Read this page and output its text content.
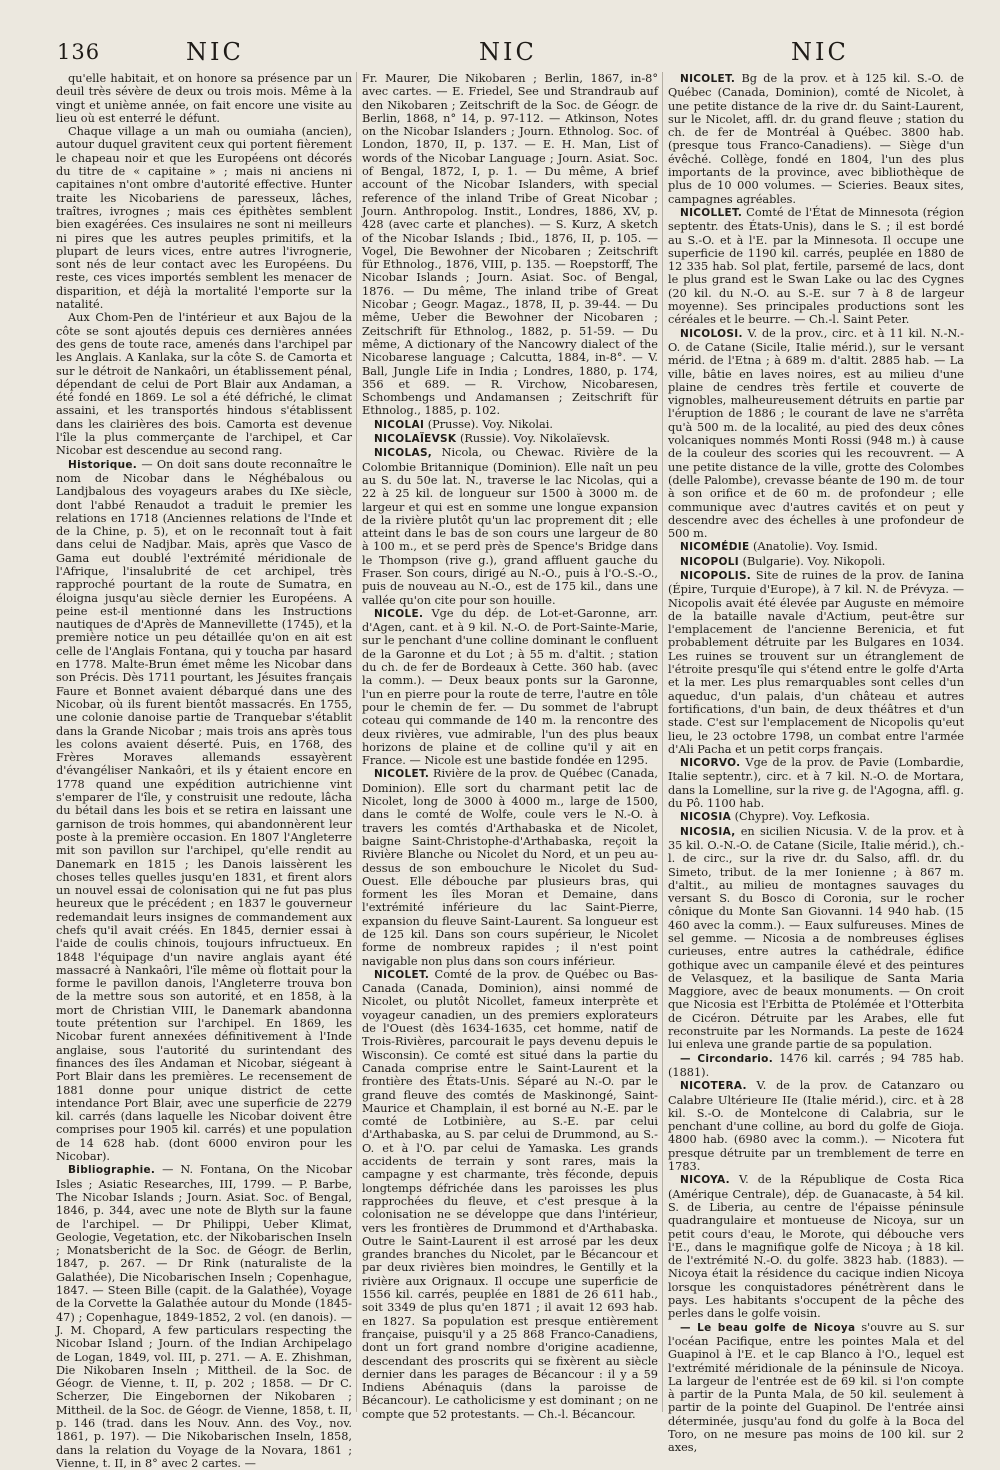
136	NIC	NIC	NIC

qu'elle habitait, et on honore sa présence par un deuil très sévère de deux ou trois mois. Même à la vingt et unième année, on fait encore une visite au lieu où est enterré le défunt.

Chaque village a un mah ou oumiaha (ancien), autour duquel gravitent ceux qui portent fièrement le chapeau noir et que les Européens ont décorés du titre de « capitaine » ; mais ni anciens ni capitaines n'ont ombre d'autorité effective. Hunter traite les Nicobariens de paresseux, lâches, traîtres, ivrognes ; mais ces épithètes semblent bien exagérées. Ces insulaires ne sont ni meilleurs ni pires que les autres peuples primitifs, et la plupart de leurs vices, entre autres l'ivrognerie, sont nés de leur contact avec les Européens. Du reste, ces vices importés semblent les menacer de disparition, et déjà la mortalité l'emporte sur la natalité.

Aux Chom-Pen de l'intérieur et aux Bajou de la côte se sont ajoutés depuis ces dernières années des gens de toute race, amenés dans l'archipel par les Anglais. A Kanlaka, sur la côte S. de Camorta et sur le détroit de Nankaôri, un établissement pénal, dépendant de celui de Port Blair aux Andaman, a été fondé en 1869. Le sol a été défriché, le climat assaini, et les transportés hindous s'établissent dans les clairières des bois. Camorta est devenue l'île la plus commerçante de l'archipel, et Car Nicobar est descendue au second rang.

Historique. — On doit sans doute reconnaître le nom de Nicobar dans le Néghébalous ou Landjbalous des voyageurs arabes du IXe siècle, dont l'abbé Renaudot a traduit le premier les relations en 1718 (Anciennes relations de l'Inde et de la Chine, p. 5), et on le reconnaît tout à fait dans celui de Nadjbar. Mais, après que Vasco de Gama eut doublé l'extrémité méridionale de l'Afrique, l'insalubrité de cet archipel, très rapproché pourtant de la route de Sumatra, en éloigna jusqu'au siècle dernier les Européens. A peine est-il mentionné dans les Instructions nautiques de d'Après de Mannevillette (1745), et la première notice un peu détaillée qu'on en ait est celle de l'Anglais Fontana, qui y toucha par hasard en 1778. Malte-Brun émet même les Nicobar dans son Précis. Dès 1711 pourtant, les Jésuites français Faure et Bonnet avaient débarqué dans une des Nicobar, où ils furent bientôt massacrés. En 1755, une colonie danoise partie de Tranquebar s'établit dans la Grande Nicobar ; mais trois ans après tous les colons avaient déserté. Puis, en 1768, des Frères Moraves allemands essayèrent d'évangéliser Nankaôri, et ils y étaient encore en 1778 quand une expédition autrichienne vint s'emparer de l'île, y construisit une redoute, lâcha du bétail dans les bois et se retira en laissant une garnison de trois hommes, qui abandonnèrent leur poste à la première occasion. En 1807 l'Angleterre mit son pavillon sur l'archipel, qu'elle rendit au Danemark en 1815 ; les Danois laissèrent les choses telles quelles jusqu'en 1831, et firent alors un nouvel essai de colonisation qui ne fut pas plus heureux que le précédent ; en 1837 le gouverneur redemandait leurs insignes de commandement aux chefs qu'il avait créés. En 1845, dernier essai à l'aide de coulis chinois, toujours infructueux. En 1848 l'équipage d'un navire anglais ayant été massacré à Nankaôri, l'île même où flottait pour la forme le pavillon danois, l'Angleterre trouva bon de la mettre sous son autorité, et en 1858, à la mort de Christian VIII, le Danemark abandonna toute prétention sur l'archipel. En 1869, les Nicobar furent annexées définitivement à l'Inde anglaise, sous l'autorité du surintendant des finances des îles Andaman et Nicobar, siégeant à Port Blair dans les premières. Le recensement de 1881 donne pour unique district de cette intendance Port Blair, avec une superficie de 2279 kil. carrés (dans laquelle les Nicobar doivent être comprises pour 1905 kil. carrés) et une population de 14 628 hab. (dont 6000 environ pour les Nicobar).

Bibliographie. — N. Fontana, On the Nicobar Isles ; Asiatic Researches, III, 1799. — P. Barbe, The Nicobar Islands ; Journ. Asiat. Soc. of Bengal, 1846, p. 344, avec une note de Blyth sur la faune de l'archipel. — Dr Philippi, Ueber Klimat, Geologie, Vegetation, etc. der Nikobarischen Inseln ; Monatsbericht de la Soc. de Géogr. de Berlin, 1847, p. 267. — Dr Rink (naturaliste de la Galathée), Die Nicobarischen Inseln ; Copenhague, 1847. — Steen Bille (capit. de la Galathée), Voyage de la Corvette la Galathée autour du Monde (1845-47) ; Copenhague, 1849-1852, 2 vol. (en danois). — J. M. Chopard, A few particulars respecting the Nicobar Island ; Journ. of the Indian Archipelago de Logan, 1849, vol. III, p. 271. — A. E. Zhishman, Die Nikobaren Inseln ; Mittheil. de la Soc. de Géogr. de Vienne, t. II, p. 202 ; 1858. — Dr C. Scherzer, Die Eingebornen der Nikobaren ; Mittheil. de la Soc. de Géogr. de Vienne, 1858, t. II, p. 146 (trad. dans les Nouv. Ann. des Voy., nov. 1861, p. 197). — Die Nikobarischen Inseln, 1858, dans la relation du Voyage de la Novara, 1861 ; Vienne, t. II, in 8° avec 2 cartes. —

Fr. Maurer, Die Nikobaren ; Berlin, 1867, in-8° avec cartes. — E. Friedel, See und Strandraub auf den Nikobaren ; Zeitschrift de la Soc. de Géogr. de Berlin, 1868, n° 14, p. 97-112. — Atkinson, Notes on the Nicobar Islanders ; Journ. Ethnolog. Soc. of London, 1870, II, p. 137. — E. H. Man, List of words of the Nicobar Language ; Journ. Asiat. Soc. of Bengal, 1872, I, p. 1. — Du même, A brief account of the Nicobar Islanders, with special reference of the inland Tribe of Great Nicobar ; Journ. Anthropolog. Instit., Londres, 1886, XV, p. 428 (avec carte et planches). — S. Kurz, A sketch of the Nicobar Islands ; Ibid., 1876, II, p. 105. — Vogel, Die Bewohner der Nicobaren ; Zeitschrift für Ethnolog., 1876, VIII, p. 135. — Roepstorff, The Nicobar Islands ; Journ. Asiat. Soc. of Bengal, 1876. — Du même, The inland tribe of Great Nicobar ; Geogr. Magaz., 1878, II, p. 39-44. — Du même, Ueber die Bewohner der Nicobaren ; Zeitschrift für Ethnolog., 1882, p. 51-59. — Du même, A dictionary of the Nancowry dialect of the Nicobarese language ; Calcutta, 1884, in-8°. — V. Ball, Jungle Life in India ; Londres, 1880, p. 174, 356 et 689. — R. Virchow, Nicobaresen, Schombengs und Andamansen ; Zeitschrift für Ethnolog., 1885, p. 102.

NICOLAI (Prusse). Voy. Nikolai.

NICOLAÏEVSK (Russie). Voy. Nikolaïevsk.

NICOLAS, Nicola, ou Chewac. Rivière de la Colombie Britannique (Dominion). Elle naît un peu au S. du 50e lat. N., traverse le lac Nicolas, qui a 22 à 25 kil. de longueur sur 1500 à 3000 m. de largeur et qui est en somme une longue expansion de la rivière plutôt qu'un lac proprement dit ; elle atteint dans le bas de son cours une largeur de 80 à 100 m., et se perd près de Spence's Bridge dans le Thompson (rive g.), grand affluent gauche du Fraser. Son cours, dirigé au N.-O., puis à l'O.-S.-O., puis de nouveau au N.-O., est de 175 kil., dans une vallée qu'on cite pour son houille.

NICOLE. Vge du dép. de Lot-et-Garonne, arr. d'Agen, cant. et à 9 kil. N.-O. de Port-Sainte-Marie, sur le penchant d'une colline dominant le confluent de la Garonne et du Lot ; à 55 m. d'altit. ; station du ch. de fer de Bordeaux à Cette. 360 hab. (avec la comm.). — Deux beaux ponts sur la Garonne, l'un en pierre pour la route de terre, l'autre en tôle pour le chemin de fer. — Du sommet de l'abrupt coteau qui commande de 140 m. la rencontre des deux rivières, vue admirable, l'un des plus beaux horizons de plaine et de colline qu'il y ait en France. — Nicole est une bastide fondée en 1295.

NICOLET. Rivière de la prov. de Québec (Canada, Dominion). Elle sort du charmant petit lac de Nicolet, long de 3000 à 4000 m., large de 1500, dans le comté de Wolfe, coule vers le N.-O. à travers les comtés d'Arthabaska et de Nicolet, baigne Saint-Christophe-d'Arthabaska, reçoit la Rivière Blanche ou Nicolet du Nord, et un peu au-dessus de son embouchure le Nicolet du Sud-Ouest. Elle débouche par plusieurs bras, qui forment les îles Moran et Demaine, dans l'extrémité inférieure du lac Saint-Pierre, expansion du fleuve Saint-Laurent. Sa longueur est de 125 kil. Dans son cours supérieur, le Nicolet forme de nombreux rapides ; il n'est point navigable non plus dans son cours inférieur.

NICOLET. Comté de la prov. de Québec ou Bas-Canada (Canada, Dominion), ainsi nommé de Nicolet, ou plutôt Nicollet, fameux interprète et voyageur canadien, un des premiers explorateurs de l'Ouest (dès 1634-1635, cet homme, natif de Trois-Rivières, parcourait le pays devenu depuis le Wisconsin). Ce comté est situé dans la partie du Canada comprise entre le Saint-Laurent et la frontière des États-Unis. Séparé au N.-O. par le grand fleuve des comtés de Maskinongé, Saint-Maurice et Champlain, il est borné au N.-E. par le comté de Lotbinière, au S.-E. par celui d'Arthabaska, au S. par celui de Drummond, au S.-O. et à l'O. par celui de Yamaska. Les grands accidents de terrain y sont rares, mais la campagne y est charmante, très féconde, depuis longtemps défrichée dans les paroisses les plus rapprochées du fleuve, et c'est presque à la colonisation ne se développe que dans l'intérieur, vers les frontières de Drummond et d'Arthabaska. Outre le Saint-Laurent il est arrosé par les deux grandes branches du Nicolet, par le Bécancour et par deux rivières bien moindres, le Gentilly et la rivière aux Orignaux. Il occupe une superficie de 1556 kil. carrés, peuplée en 1881 de 26 611 hab., soit 3349 de plus qu'en 1871 ; il avait 12 693 hab. en 1827. Sa population est presque entièrement française, puisqu'il y a 25 868 Franco-Canadiens, dont un fort grand nombre d'origine acadienne, descendant des proscrits qui se fixèrent au siècle dernier dans les parages de Bécancour : il y a 59 Indiens Abénaquis (dans la paroisse de Bécancour). Le catholicisme y est dominant ; on ne compte que 52 protestants. — Ch.-l. Bécancour.

NICOLET. Bg de la prov. et à 125 kil. S.-O. de Québec (Canada, Dominion), comté de Nicolet, à une petite distance de la rive dr. du Saint-Laurent, sur le Nicolet, affl. dr. du grand fleuve ; station du ch. de fer de Montréal à Québec. 3800 hab. (presque tous Franco-Canadiens). — Siège d'un évêché. Collège, fondé en 1804, l'un des plus importants de la province, avec bibliothèque de plus de 10 000 volumes. — Scieries. Beaux sites, campagnes agréables.

NICOLLET. Comté de l'État de Minnesota (région septentr. des États-Unis), dans le S. ; il est bordé au S.-O. et à l'E. par la Minnesota. Il occupe une superficie de 1190 kil. carrés, peuplée en 1880 de 12 335 hab. Sol plat, fertile, parsemé de lacs, dont le plus grand est le Swan Lake ou lac des Cygnes (20 kil. du N.-O. au S.-E. sur 7 à 8 de largeur moyenne). Ses principales productions sont les céréales et le beurre. — Ch.-l. Saint Peter.

NICOLOSI. V. de la prov., circ. et à 11 kil. N.-N.-O. de Catane (Sicile, Italie mérid.), sur le versant mérid. de l'Etna ; à 689 m. d'altit. 2885 hab. — La ville, bâtie en laves noires, est au milieu d'une plaine de cendres très fertile et couverte de vignobles, malheureusement détruits en partie par l'éruption de 1886 ; le courant de lave ne s'arrêta qu'à 500 m. de la localité, au pied des deux cônes volcaniques nommés Monti Rossi (948 m.) à cause de la couleur des scories qui les recouvrent. — A une petite distance de la ville, grotte des Colombes (delle Palombe), crevasse béante de 190 m. de tour à son orifice et de 60 m. de profondeur ; elle communique avec d'autres cavités et on peut y descendre avec des échelles à une profondeur de 500 m.

NICOMÉDIE (Anatolie). Voy. Ismid.

NICOPOLI (Bulgarie). Voy. Nikopoli.

NICOPOLIS. Site de ruines de la prov. de Ianina (Épire, Turquie d'Europe), à 7 kil. N. de Prévyza. — Nicopolis avait été élevée par Auguste en mémoire de la bataille navale d'Actium, peut-être sur l'emplacement de l'ancienne Berenicia, et fut probablement détruite par les Bulgares en 1034. Les ruines se trouvent sur un étranglement de l'étroite presqu'île qui s'étend entre le golfe d'Arta et la mer. Les plus remarquables sont celles d'un aqueduc, d'un palais, d'un château et autres fortifications, d'un bain, de deux théâtres et d'un stade. C'est sur l'emplacement de Nicopolis qu'eut lieu, le 23 octobre 1798, un combat entre l'armée d'Ali Pacha et un petit corps français.

NICORVO. Vge de la prov. de Pavie (Lombardie, Italie septentr.), circ. et à 7 kil. N.-O. de Mortara, dans la Lomelline, sur la rive g. de l'Agogna, affl. g. du Pô. 1100 hab.

NICOSIA (Chypre). Voy. Lefkosia.

NICOSIA, en sicilien Nicusia. V. de la prov. et à 35 kil. O.-N.-O. de Catane (Sicile, Italie mérid.), ch.-l. de circ., sur la rive dr. du Salso, affl. dr. du Simeto, tribut. de la mer Ionienne ; à 867 m. d'altit., au milieu de montagnes sauvages du versant S. du Bosco di Coronia, sur le rocher cônique du Monte San Giovanni. 14 940 hab. (15 460 avec la comm.). — Eaux sulfureuses. Mines de sel gemme. — Nicosia a de nombreuses églises curieuses, entre autres la cathédrale, édifice gothique avec un campanile élevé et des peintures de Velasquez, et la basilique de Santa Maria Maggiore, avec de beaux monuments. — On croit que Nicosia est l'Erbitta de Ptolémée et l'Otterbita de Cicéron. Détruite par les Arabes, elle fut reconstruite par les Normands. La peste de 1624 lui enleva une grande partie de sa population.

— Circondario. 1476 kil. carrés ; 94 785 hab. (1881).

NICOTERA. V. de la prov. de Catanzaro ou Calabre Ultérieure IIe (Italie mérid.), circ. et à 28 kil. S.-O. de Montelcone di Calabria, sur le penchant d'une colline, au bord du golfe de Gioja. 4800 hab. (6980 avec la comm.). — Nicotera fut presque détruite par un tremblement de terre en 1783.

NICOYA. V. de la République de Costa Rica (Amérique Centrale), dép. de Guanacaste, à 54 kil. S. de Liberia, au centre de l'épaisse péninsule quadrangulaire et montueuse de Nicoya, sur un petit cours d'eau, le Morote, qui débouche vers l'E., dans le magnifique golfe de Nicoya ; à 18 kil. de l'extrémité N.-O. du golfe. 3823 hab. (1883). — Nicoya était la résidence du cacique indien Nicoya lorsque les conquistadores pénétrèrent dans le pays. Les habitants s'occupent de la pêche des perles dans le golfe voisin.

— Le beau golfe de Nicoya s'ouvre au S. sur l'océan Pacifique, entre les pointes Mala et del Guapinol à l'E. et le cap Blanco à l'O., lequel est l'extrémité méridionale de la péninsule de Nicoya. La largeur de l'entrée est de 69 kil. si l'on compte à partir de la Punta Mala, de 50 kil. seulement à partir de la pointe del Guapinol. De l'entrée ainsi déterminée, jusqu'au fond du golfe à la Boca del Toro, on ne mesure pas moins de 100 kil. sur 2 axes,
